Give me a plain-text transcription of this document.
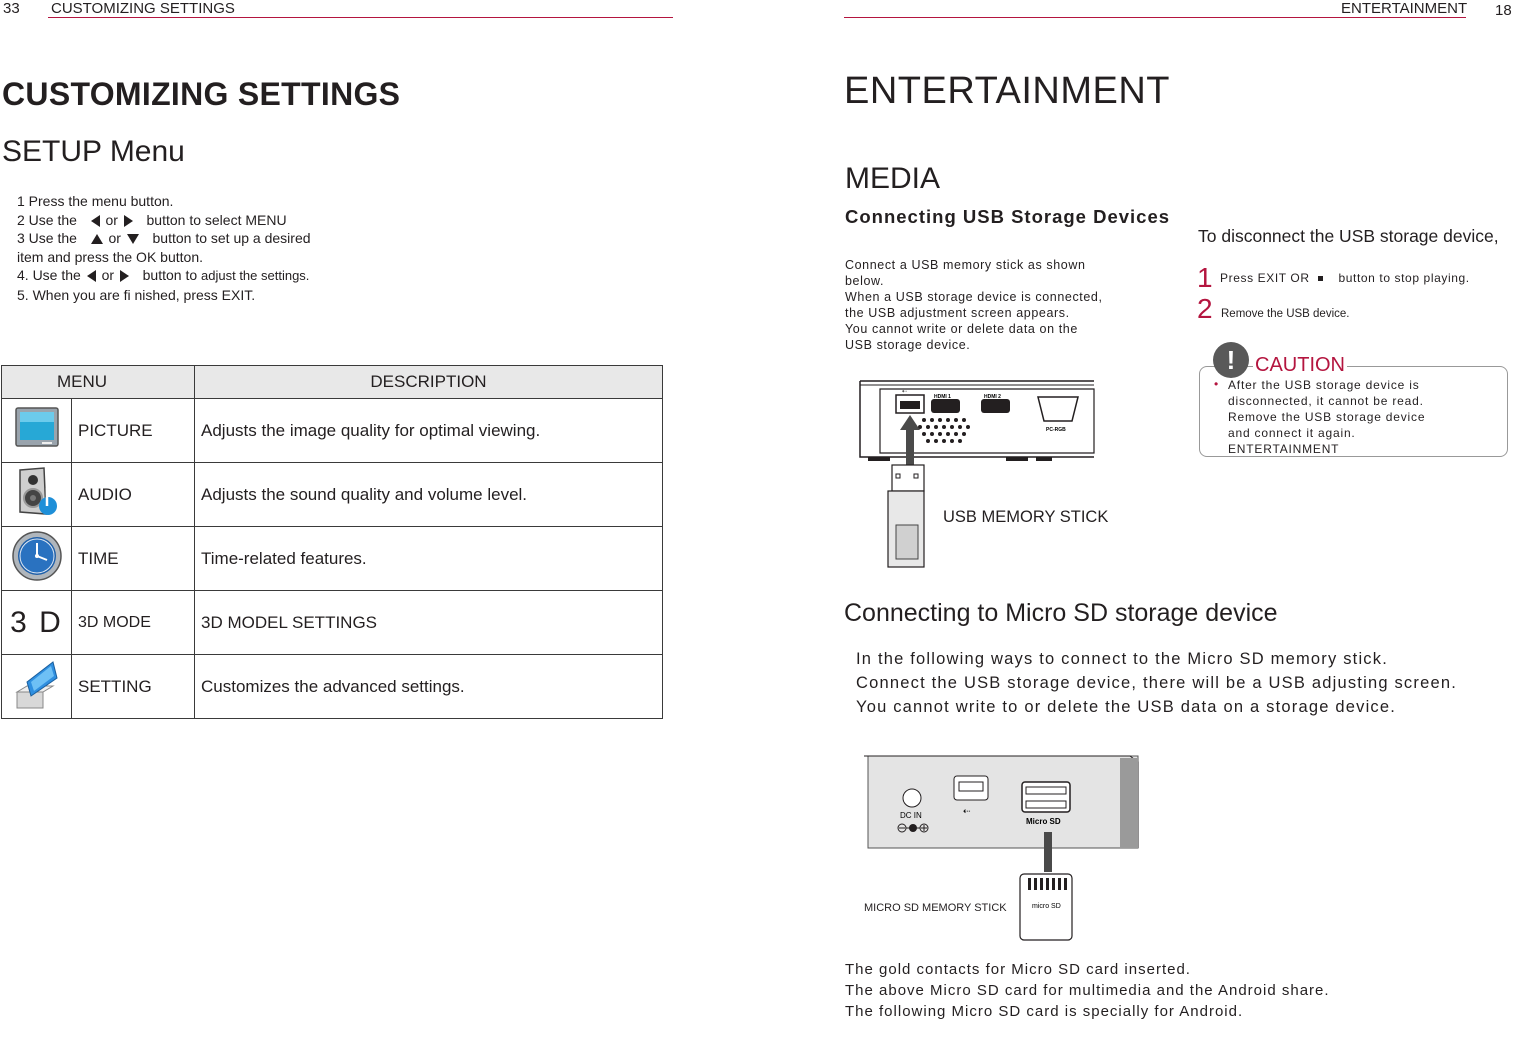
33 CUSTOMIZING SETTINGS
CUSTOMIZING SETTINGS
SETUP Menu
1 Press the menu button.
2 Use the or button to select MENU
3 Use the or button to set up a desired
item and press the OK button.
4. Use the or button to adjust the settings.
5. When you are fi nished, press EXIT.
MENU		DESCRIPTION
	PICTURE	Adjusts the image quality for optimal viewing.
	AUDIO	Adjusts the sound quality and volume level.
	TIME	Time-related features.
3 D	3D MODE	3D MODEL SETTINGS
	SETTING	Customizes the advanced settings.
ENTERTAINMENT 18
ENTERTAINMENT
MEDIA
Connecting USB Storage Devices
Connect a USB memory stick as shown
below.
When a USB storage device is connected,
the USB adjustment screen appears.
You cannot write or delete data on the
USB storage device.
To disconnect the USB storage device,
1 Press EXIT OR button to stop playing.
2 Remove the USB device.
! CAUTION
• After the USB storage device is
disconnected, it cannot be read.
Remove the USB storage device
and connect it again.
ENTERTAINMENT
⇠
HDMI 1	HDMI 2
PC-RGB
USB MEMORY STICK
Connecting to Micro SD storage device
In the following ways to connect to the Micro SD memory stick.
Connect the USB storage device, there will be a USB adjusting screen.
You cannot write to or delete the USB data on a storage device.
DC IN	⇠
Micro SD
micro SD
MICRO SD MEMORY STICK
The gold contacts for Micro SD card inserted.
The above Micro SD card for multimedia and the Android share.
The following Micro SD card is specially for Android.
